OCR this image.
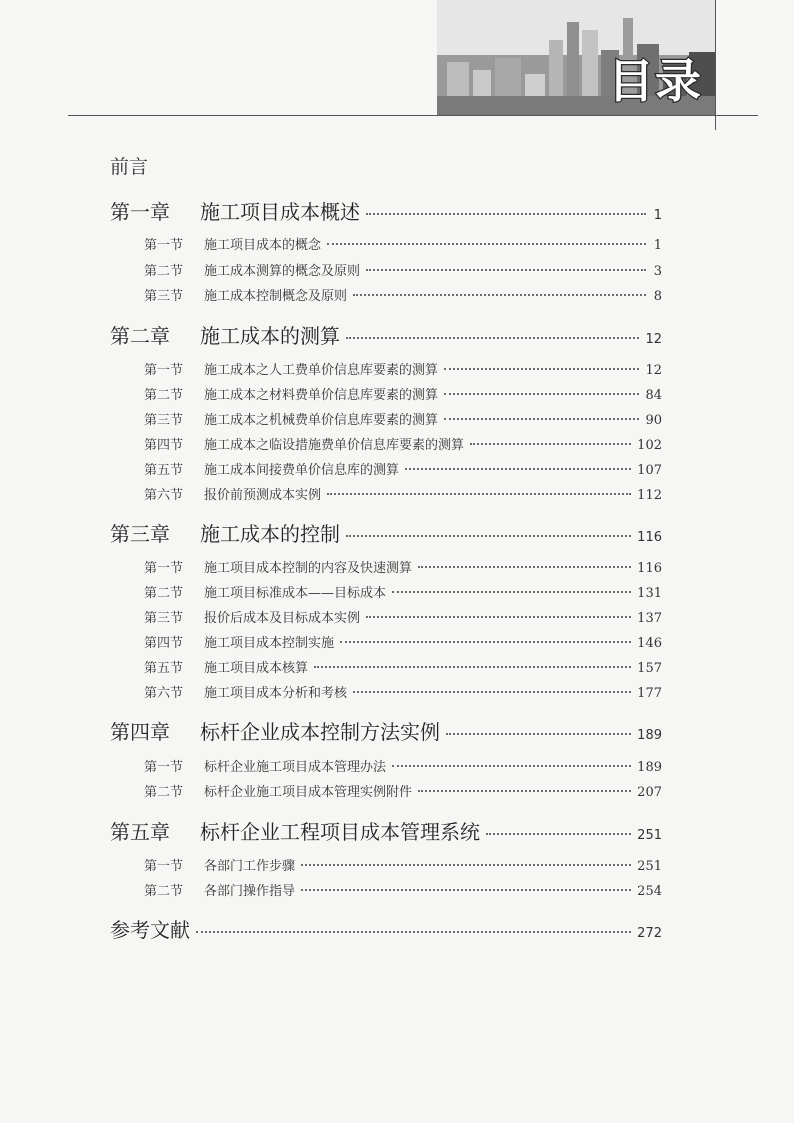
目录
前言
第一章	施工项目成本概述	1
第一节	施工项目成本的概念	1
第二节	施工成本测算的概念及原则	3
第三节	施工成本控制概念及原则	8
第二章	施工成本的测算	12
第一节	施工成本之人工费单价信息库要素的测算	12
第二节	施工成本之材料费单价信息库要素的测算	84
第三节	施工成本之机械费单价信息库要素的测算	90
第四节	施工成本之临设措施费单价信息库要素的测算	102
第五节	施工成本间接费单价信息库的测算	107
第六节	报价前预测成本实例	112
第三章	施工成本的控制	116
第一节	施工项目成本控制的内容及快速测算	116
第二节	施工项目标准成本——目标成本	131
第三节	报价后成本及目标成本实例	137
第四节	施工项目成本控制实施	146
第五节	施工项目成本核算	157
第六节	施工项目成本分析和考核	177
第四章	标杆企业成本控制方法实例	189
第一节	标杆企业施工项目成本管理办法	189
第二节	标杆企业施工项目成本管理实例附件	207
第五章	标杆企业工程项目成本管理系统	251
第一节	各部门工作步骤	251
第二节	各部门操作指导	254
参考文献	272
